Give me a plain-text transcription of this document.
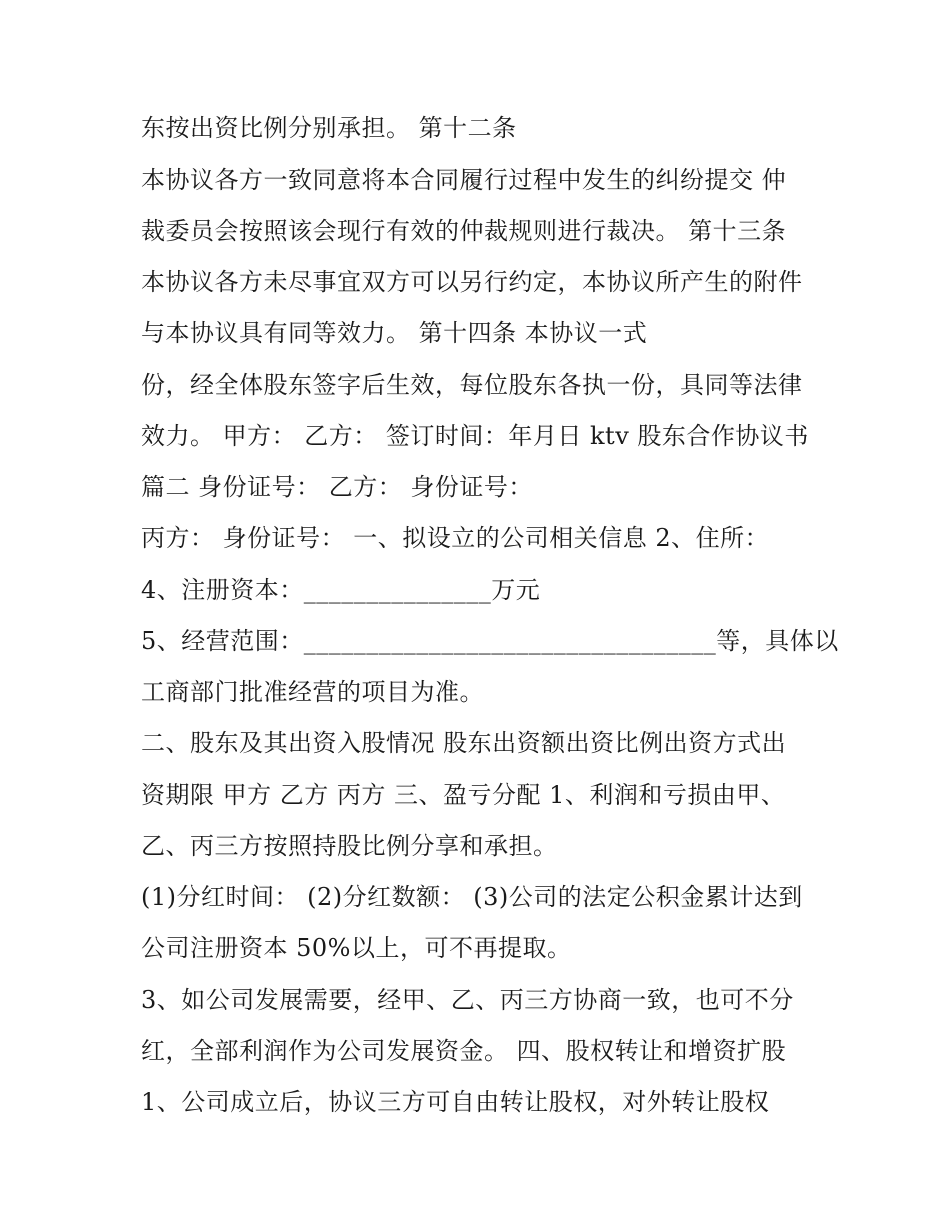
东按出资比例分别承担。 第十二条
本协议各方一致同意将本合同履行过程中发生的纠纷提交 仲
裁委员会按照该会现行有效的仲裁规则进行裁决。 第十三条
本协议各方未尽事宜双方可以另行约定，本协议所产生的附件
与本协议具有同等效力。 第十四条 本协议一式
份，经全体股东签字后生效，每位股东各执一份，具同等法律
效力。 甲方： 乙方： 签订时间：年月日 ktv 股东合作协议书
篇二 身份证号： 乙方： 身份证号：
丙方： 身份证号： 一、拟设立的公司相关信息 2、住所：
4、注册资本：_______________万元
5、经营范围：_________________________________等，具体以
工商部门批准经营的项目为准。
二、股东及其出资入股情况 股东出资额出资比例出资方式出
资期限 甲方 乙方 丙方 三、盈亏分配 1、利润和亏损由甲、
乙、丙三方按照持股比例分享和承担。
(1)分红时间： (2)分红数额： (3)公司的法定公积金累计达到
公司注册资本 50%以上，可不再提取。
3、如公司发展需要，经甲、乙、丙三方协商一致，也可不分
红，全部利润作为公司发展资金。 四、股权转让和增资扩股
1、公司成立后，协议三方可自由转让股权，对外转让股权
